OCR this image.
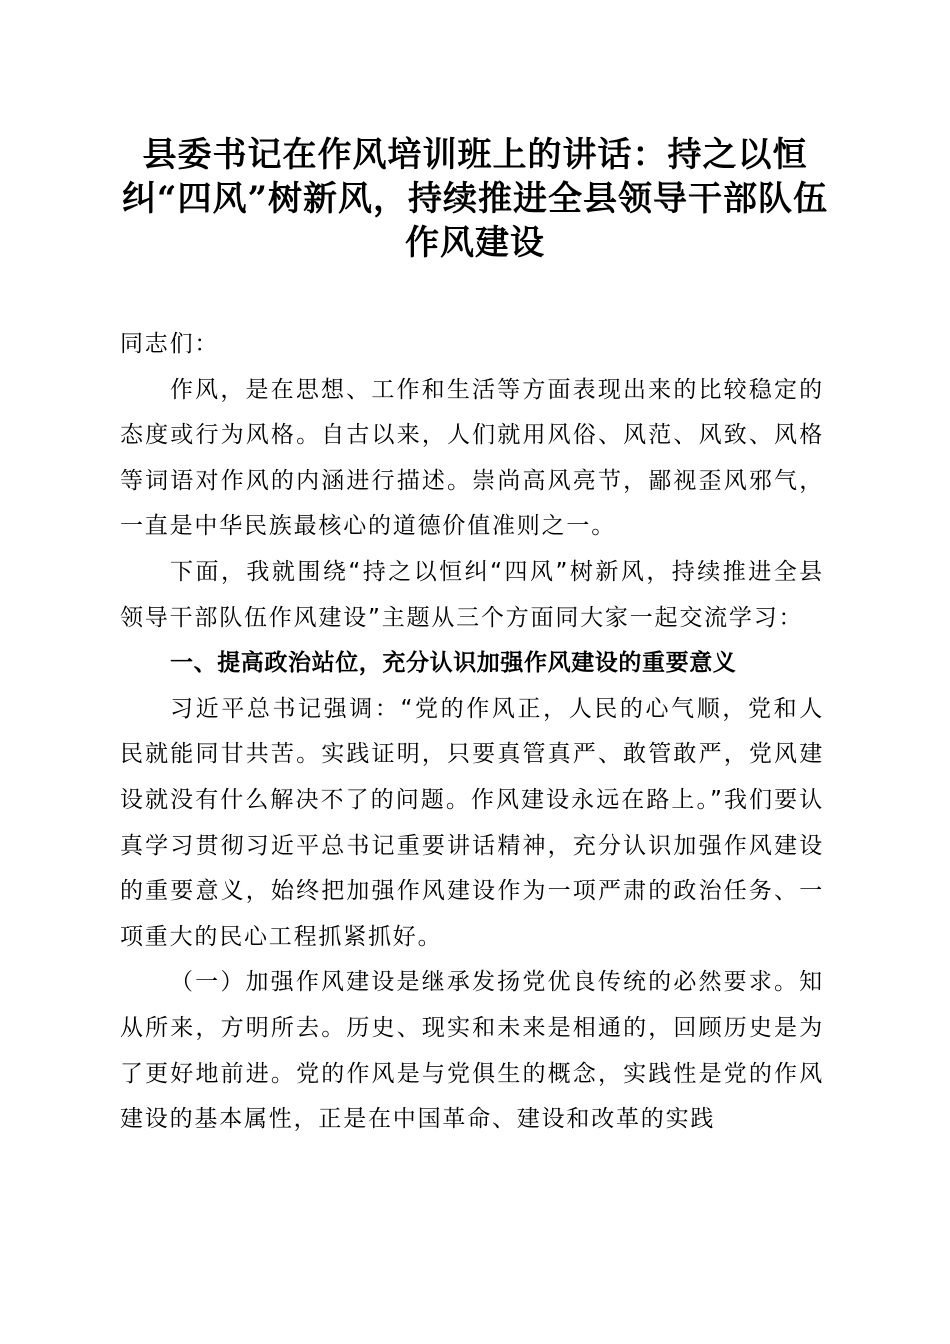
县委书记在作风培训班上的讲话：持之以恒纠“四风”树新风，持续推进全县领导干部队伍作风建设

同志们：

作风，是在思想、工作和生活等方面表现出来的比较稳定的态度或行为风格。自古以来，人们就用风俗、风范、风致、风格等词语对作风的内涵进行描述。崇尚高风亮节，鄙视歪风邪气，一直是中华民族最核心的道德价值准则之一。

下面，我就围绕“持之以恒纠“四风”树新风，持续推进全县领导干部队伍作风建设”主题从三个方面同大家一起交流学习：

一、提高政治站位，充分认识加强作风建设的重要意义

习近平总书记强调：“党的作风正，人民的心气顺，党和人民就能同甘共苦。实践证明，只要真管真严、敢管敢严，党风建设就没有什么解决不了的问题。作风建设永远在路上。”我们要认真学习贯彻习近平总书记重要讲话精神，充分认识加强作风建设的重要意义，始终把加强作风建设作为一项严肃的政治任务、一项重大的民心工程抓紧抓好。

（一）加强作风建设是继承发扬党优良传统的必然要求。知从所来，方明所去。历史、现实和未来是相通的，回顾历史是为了更好地前进。党的作风是与党俱生的概念，实践性是党的作风建设的基本属性，正是在中国革命、建设和改革的实践
